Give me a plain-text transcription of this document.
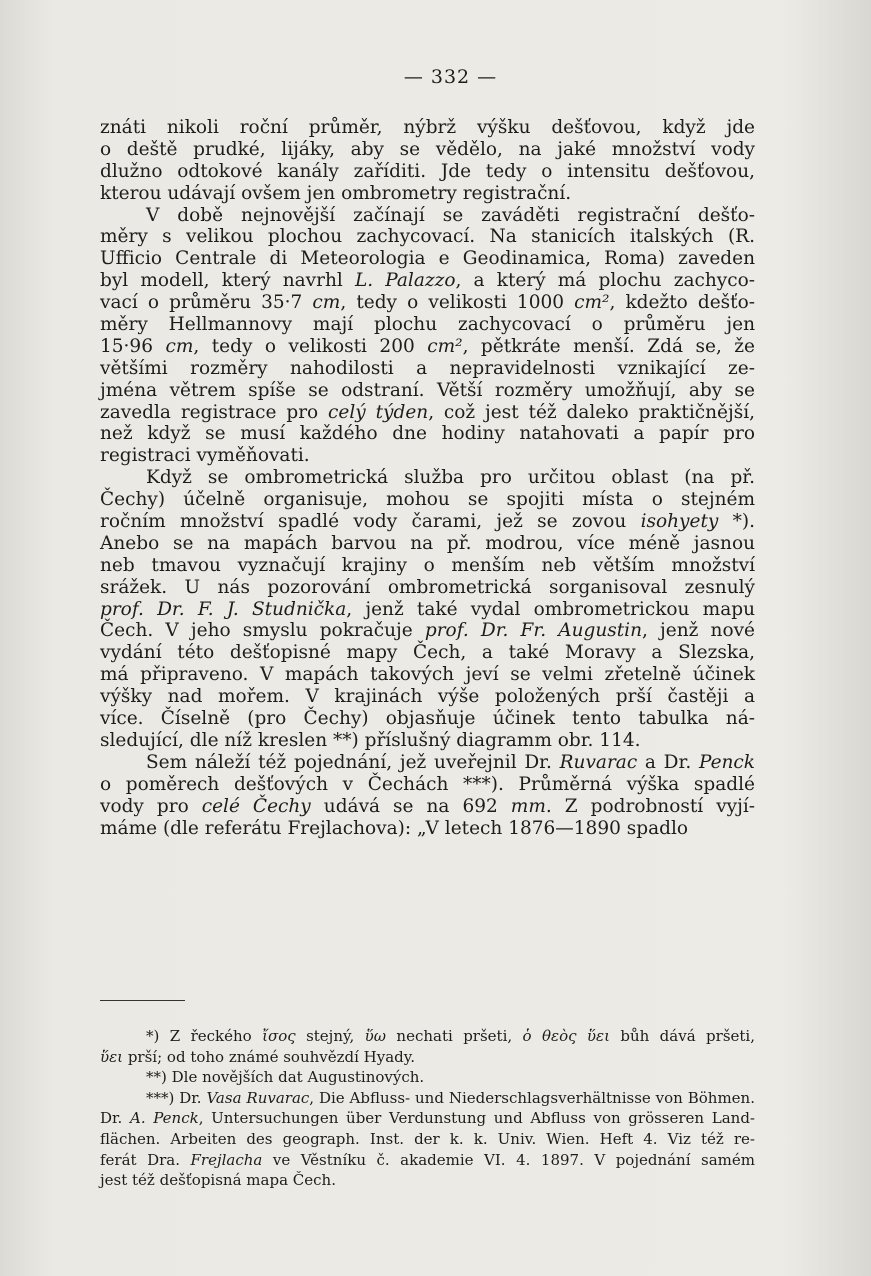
— 332 —
znáti nikoli roční průměr, nýbrž výšku dešťovou, když jde
o deště prudké, lijáky, aby se vědělo, na jaké množství vody
dlužno odtokové kanály zaříditi. Jde tedy o intensitu dešťovou,
kterou udávají ovšem jen ombrometry registrační.
V době nejnovější začínají se zaváděti registrační dešťo-
měry s velikou plochou zachycovací. Na stanicích italských (R.
Ufficio Centrale di Meteorologia e Geodinamica, Roma) zaveden
byl modell, který navrhl L. Palazzo, a který má plochu zachyco-
vací o průměru 35·7 cm, tedy o velikosti 1000 cm², kdežto dešťo-
měry Hellmannovy mají plochu zachycovací o průměru jen
15·96 cm, tedy o velikosti 200 cm², pětkráte menší. Zdá se, že
většími rozměry nahodilosti a nepravidelnosti vznikající ze-
jména větrem spíše se odstraní. Větší rozměry umožňují, aby se
zavedla registrace pro celý týden, což jest též daleko praktičnější,
než když se musí každého dne hodiny natahovati a papír pro
registraci vyměňovati.
Když se ombrometrická služba pro určitou oblast (na př.
Čechy) účelně organisuje, mohou se spojiti místa o stejném
ročním množství spadlé vody čarami, jež se zovou isohyety *).
Anebo se na mapách barvou na př. modrou, více méně jasnou
neb tmavou vyznačují krajiny o menším neb větším množství
srážek. U nás pozorování ombrometrická sorganisoval zesnulý
prof. Dr. F. J. Studnička, jenž také vydal ombrometrickou mapu
Čech. V jeho smyslu pokračuje prof. Dr. Fr. Augustin, jenž nové
vydání této dešťopisné mapy Čech, a také Moravy a Slezska,
má připraveno. V mapách takových jeví se velmi zřetelně účinek
výšky nad mořem. V krajinách výše položených prší častěji a
více. Číselně (pro Čechy) objasňuje účinek tento tabulka ná-
sledující, dle níž kreslen **) příslušný diagramm obr. 114.
Sem náleží též pojednání, jež uveřejnil Dr. Ruvarac a Dr. Penck
o poměrech dešťových v Čechách ***). Průměrná výška spadlé
vody pro celé Čechy udává se na 692 mm. Z podrobností vyjí-
máme (dle referátu Frejlachova): „V letech 1876—1890 spadlo
*) Z řeckého ἴσος stejný, ὕω nechati pršeti, ὁ θεὸς ὕει bůh dává pršeti,
ὕει prší; od toho známé souhvězdí Hyady.
**) Dle novějších dat Augustinových.
***) Dr. Vasa Ruvarac, Die Abfluss- und Niederschlagsverhältnisse von Böhmen.
Dr. A. Penck, Untersuchungen über Verdunstung und Abfluss von grösseren Land-
flächen. Arbeiten des geograph. Inst. der k. k. Univ. Wien. Heft 4. Viz též re-
ferát Dra. Frejlacha ve Věstníku č. akademie VI. 4. 1897. V pojednání samém
jest též dešťopisná mapa Čech.
